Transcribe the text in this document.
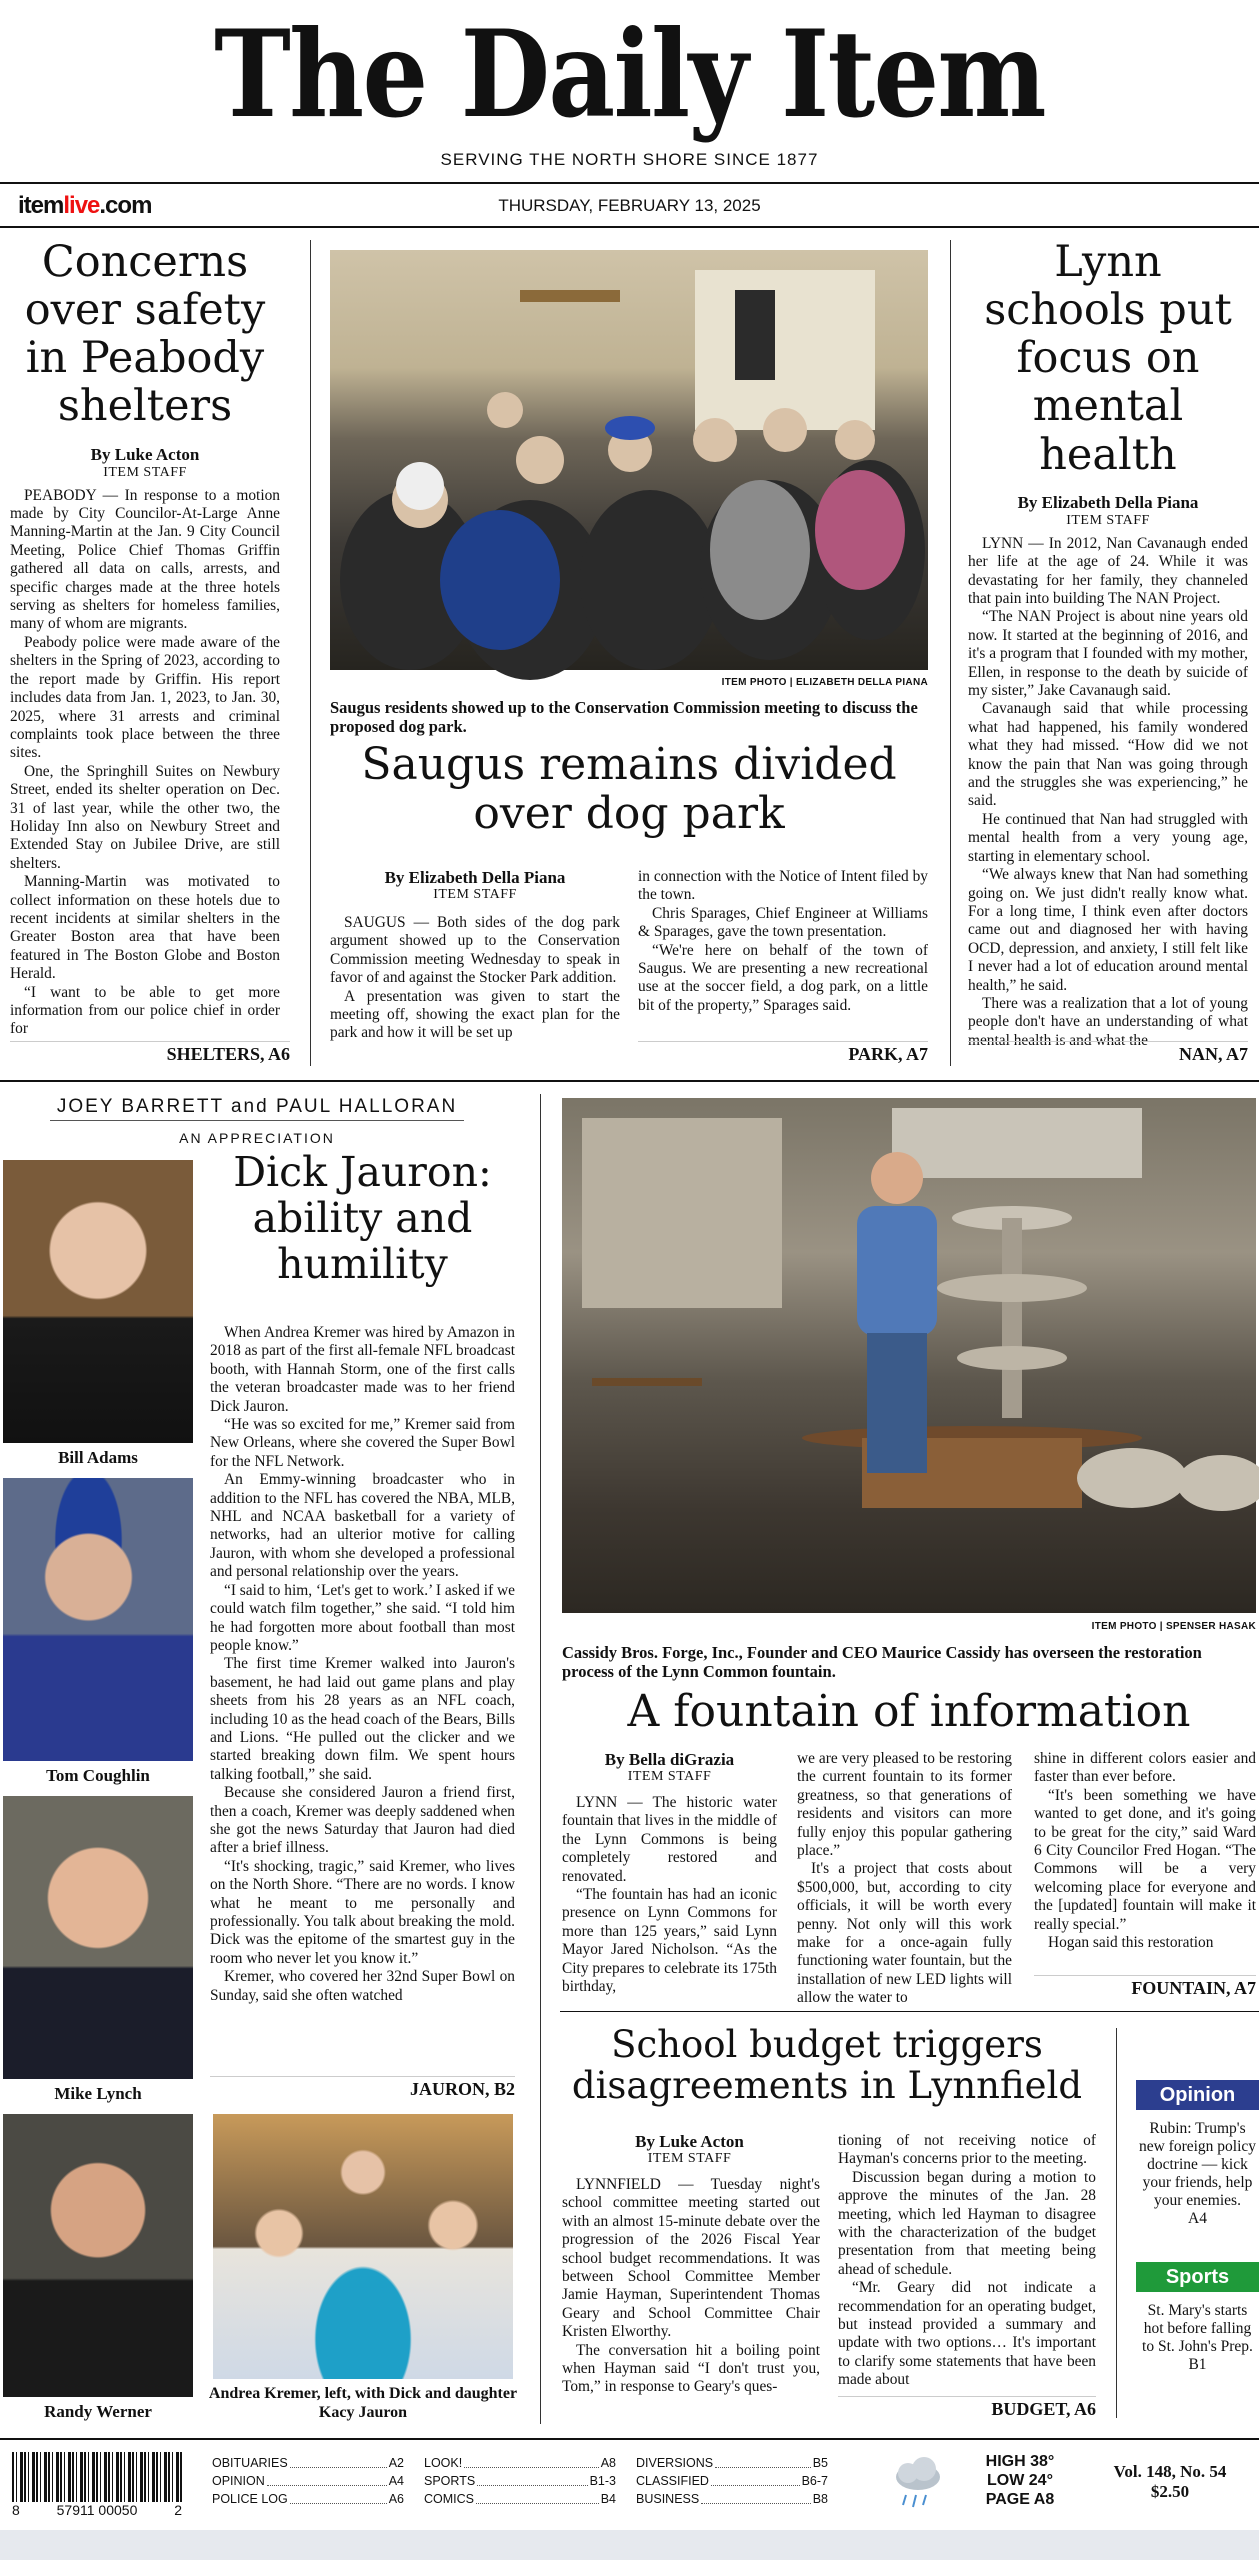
The Daily Item
SERVING THE NORTH SHORE SINCE 1877
itemlive.com	THURSDAY, FEBRUARY 13, 2025	▶	X	f	◎
Concerns over safety in Peabody shelters
By Luke Acton
ITEM STAFF

PEABODY — In response to a motion made by City Councilor-At-Large Anne Manning-Martin at the Jan. 9 City Council Meeting, Police Chief Thomas Griffin gathered all data on calls, arrests, and specific charges made at the three hotels serving as shelters for homeless families, many of whom are migrants.

Peabody police were made aware of the shelters in the Spring of 2023, according to the report made by Griffin. His report includes data from Jan. 1, 2023, to Jan. 30, 2025, where 31 arrests and criminal complaints took place between the three sites.

One, the Springhill Suites on Newbury Street, ended its shelter operation on Dec. 31 of last year, while the other two, the Holiday Inn also on Newbury Street and Extended Stay on Jubilee Drive, are still shelters.

Manning-Martin was motivated to collect information on these hotels due to recent incidents at similar shelters in the Greater Boston area that have been featured in The Boston Globe and Boston Herald.

“I want to be able to get more information from our police chief in order for

SHELTERS, A6
ITEM PHOTO | ELIZABETH DELLA PIANA
Saugus residents showed up to the Conservation Commission meeting to discuss the proposed dog park.
Saugus remains divided over dog park
By Elizabeth Della Piana
ITEM STAFF

SAUGUS — Both sides of the dog park argument showed up to the Conservation Commission meeting Wednesday to speak in favor of and against the Stocker Park addition.

A presentation was given to start the meeting off, showing the exact plan for the park and how it will be set up

in connection with the Notice of Intent filed by the town.

Chris Sparages, Chief Engineer at Williams & Sparages, gave the town presentation.

“We're here on behalf of the town of Saugus. We are presenting a new recreational use at the soccer field, a dog park, on a little bit of the property,” Sparages said.

PARK, A7
Lynn schools put focus on mental health
By Elizabeth Della Piana
ITEM STAFF

LYNN — In 2012, Nan Cavanaugh ended her life at the age of 24. While it was devastating for her family, they channeled that pain into building The NAN Project.

“The NAN Project is about nine years old now. It started at the beginning of 2016, and it's a program that I founded with my mother, Ellen, in response to the death by suicide of my sister,” Jake Cavanaugh said.

Cavanaugh said that while processing what had happened, his family wondered what they had missed. “How did we not know the pain that Nan was going through and the struggles she was experiencing,” he said.

He continued that Nan had struggled with mental health from a very young age, starting in elementary school.

“We always knew that Nan had something going on. We just didn't really know what. For a long time, I think even after doctors came out and diagnosed her with having OCD, depression, and anxiety, I still felt like I never had a lot of education around mental health,” he said.

There was a realization that a lot of young people don't have an understanding of what mental health is and what the

NAN, A7
JOEY BARRETT and PAUL HALLORAN
AN APPRECIATION
Bill Adams
Tom Coughlin
Mike Lynch
Randy Werner
Dick Jauron: ability and humility

When Andrea Kremer was hired by Amazon in 2018 as part of the first all-female NFL broadcast booth, with Hannah Storm, one of the first calls the veteran broadcaster made was to her friend Dick Jauron.

“He was so excited for me,” Kremer said from New Orleans, where she covered the Super Bowl for the NFL Network.

An Emmy-winning broadcaster who in addition to the NFL has covered the NBA, MLB, NHL and NCAA basketball for a variety of networks, had an ulterior motive for calling Jauron, with whom she developed a professional and personal relationship over the years.

“I said to him, ‘Let's get to work.’ I asked if we could watch film together,” she said. “I told him he had forgotten more about football than most people know.”

The first time Kremer walked into Jauron's basement, he had laid out game plans and play sheets from his 28 years as an NFL coach, including 10 as the head coach of the Bears, Bills and Lions. “He pulled out the clicker and we started breaking down film. We spent hours talking football,” she said.

Because she considered Jauron a friend first, then a coach, Kremer was deeply saddened when she got the news Saturday that Jauron had died after a brief illness.

“It's shocking, tragic,” said Kremer, who lives on the North Shore. “There are no words. I know what he meant to me personally and professionally. You talk about breaking the mold. Dick was the epitome of the smartest guy in the room who never let you know it.”

Kremer, who covered her 32nd Super Bowl on Sunday, said she often watched

JAURON, B2
Andrea Kremer, left, with Dick and daughter Kacy Jauron
ITEM PHOTO | SPENSER HASAK
Cassidy Bros. Forge, Inc., Founder and CEO Maurice Cassidy has overseen the restoration process of the Lynn Common fountain.
A fountain of information
By Bella diGrazia
ITEM STAFF

LYNN — The historic water fountain that lives in the middle of the Lynn Commons is being completely restored and renovated.

“The fountain has had an iconic presence on Lynn Commons for more than 125 years,” said Lynn Mayor Jared Nicholson. “As the City prepares to celebrate its 175th birthday,

we are very pleased to be restoring the current fountain to its former greatness, so that generations of residents and visitors can more fully enjoy this popular gathering place.”

It's a project that costs about $500,000, but, according to city officials, it will be worth every penny. Not only will this work make for a once-again fully functioning water fountain, but the installation of new LED lights will allow the water to

shine in different colors easier and faster than ever before.

“It's been something we have wanted to get done, and it's going to be great for the city,” said Ward 6 City Councilor Fred Hogan. “The Commons will be a very welcoming place for everyone and the [updated] fountain will make it really special.”

Hogan said this restoration

FOUNTAIN, A7
School budget triggers disagreements in Lynnfield
By Luke Acton
ITEM STAFF

LYNNFIELD — Tuesday night's school committee meeting started out with an almost 15-minute debate over the progression of the 2026 Fiscal Year school budget recommendations. It was between School Committee Member Jamie Hayman, Superintendent Thomas Geary and School Committee Chair Kristen Elworthy.

The conversation hit a boiling point when Hayman said “I don't trust you, Tom,” in response to Geary's ques-

tioning of not receiving notice of Hayman's concerns prior to the meeting.

Discussion began during a motion to approve the minutes of the Jan. 28 meeting, which led Hayman to disagree with the characterization of the budget presentation from that meeting being ahead of schedule.

“Mr. Geary did not indicate a recommendation for an operating budget, but instead provided a summary and update with two options… It's important to clarify some statements that have been made about

BUDGET, A6
Opinion
Rubin: Trump's new foreign policy doctrine — kick your friends, help your enemies.
A4
Sports
St. Mary's starts hot before falling to St. John's Prep. B1
8	57911 00050	2
OBITUARIES	A2
OPINION	A4
POLICE LOG	A6
LOOK!	A8
SPORTS	B1-3
COMICS	B4
DIVERSIONS	B5
CLASSIFIED	B6-7
BUSINESS	B8
HIGH 38°
LOW 24°
PAGE A8
Vol. 148, No. 54
$2.50
